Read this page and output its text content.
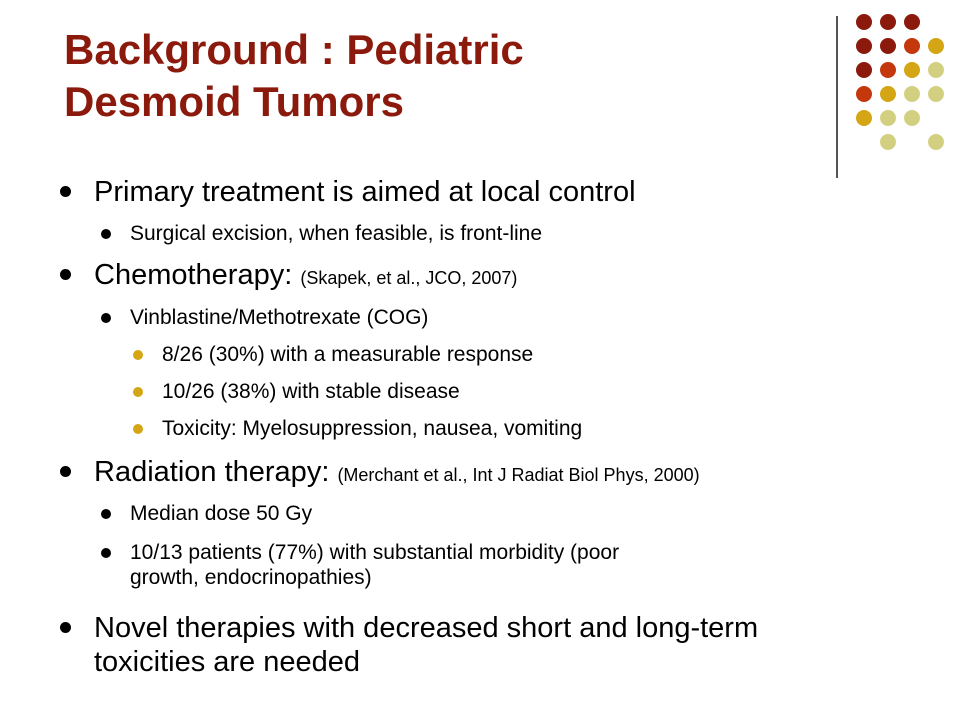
Background : Pediatric
Desmoid Tumors
Primary treatment is aimed at local control
Surgical excision, when feasible, is front-line
Chemotherapy: (Skapek, et al., JCO, 2007)
Vinblastine/Methotrexate (COG)
8/26 (30%) with a measurable response
10/26 (38%) with stable disease
Toxicity: Myelosuppression, nausea, vomiting
Radiation therapy: (Merchant et al., Int J Radiat Biol Phys, 2000)
Median dose 50 Gy
10/13 patients (77%) with substantial morbidity (poor
growth, endocrinopathies)
Novel therapies with decreased short and long-term
toxicities are needed
